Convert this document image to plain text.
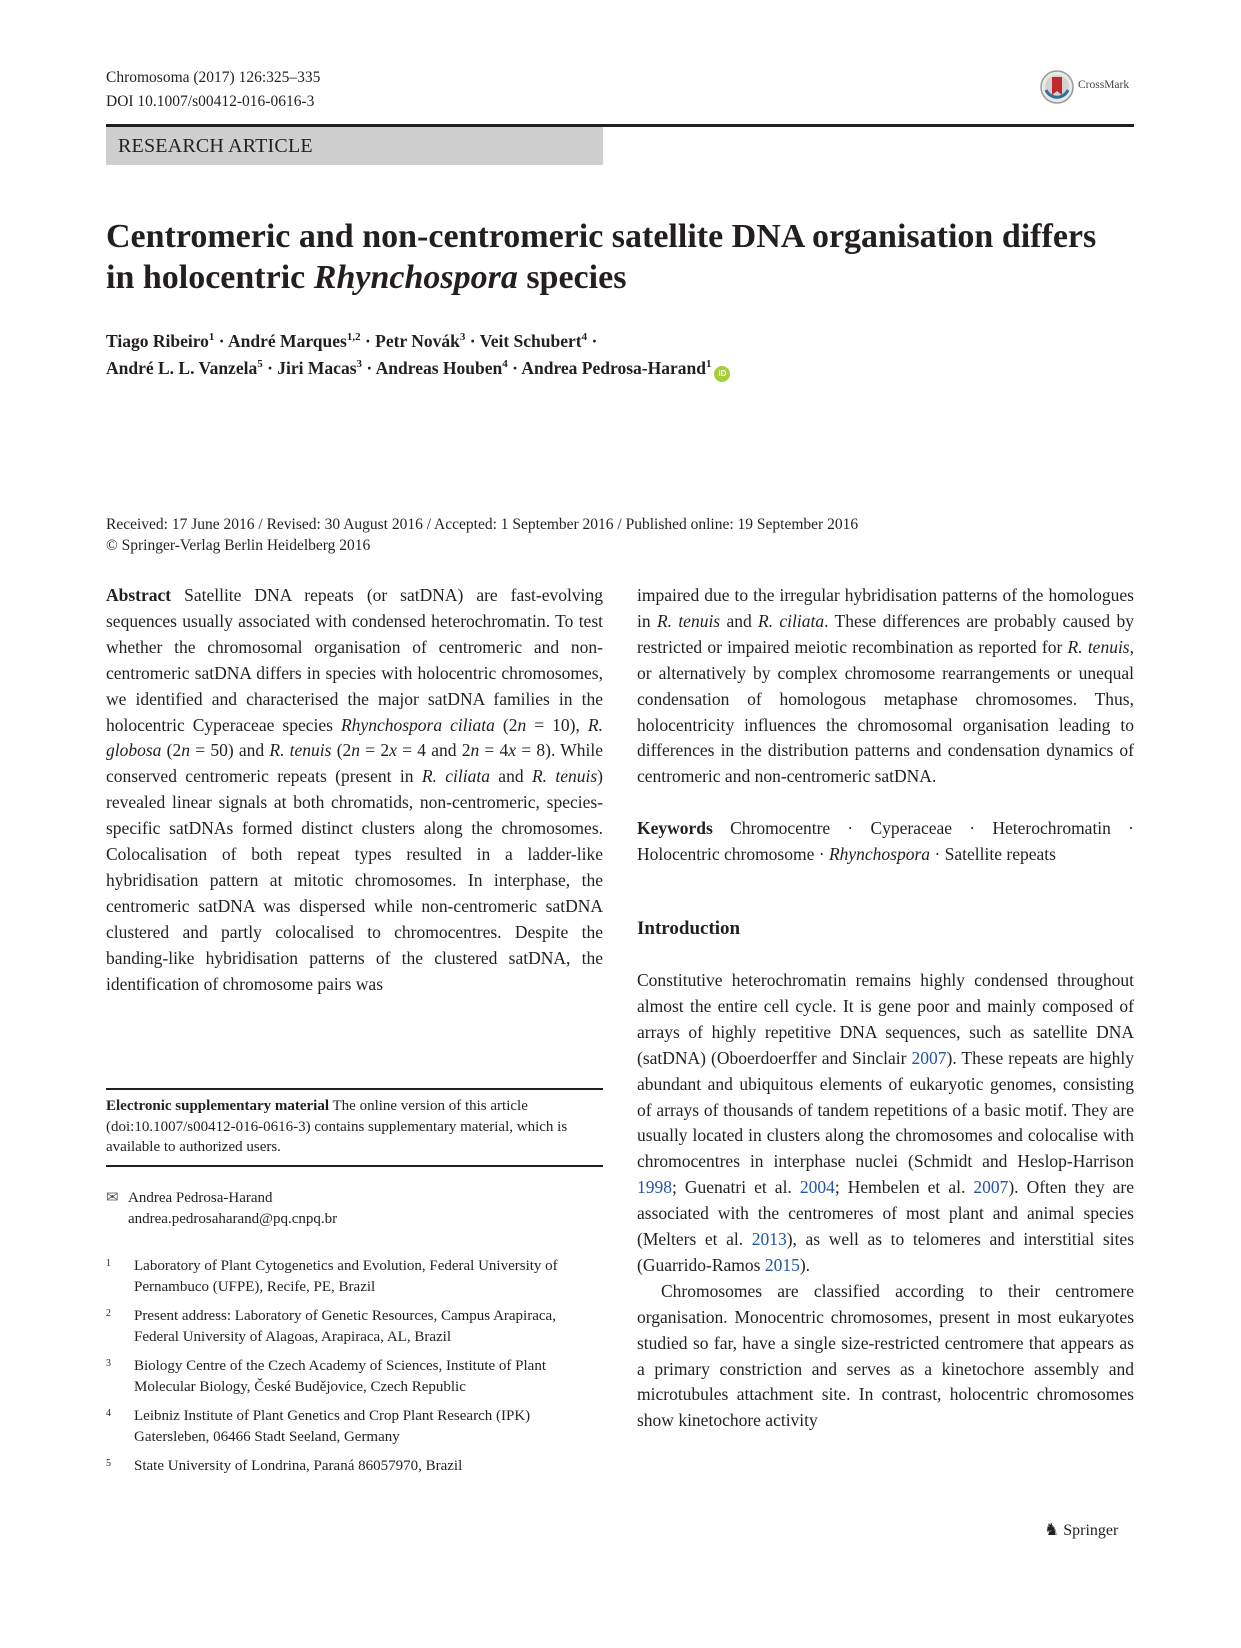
Chromosoma (2017) 126:325–335
DOI 10.1007/s00412-016-0616-3
CrossMark
RESEARCH ARTICLE
Centromeric and non-centromeric satellite DNA organisation differs in holocentric Rhynchospora species
Tiago Ribeiro$^1$ · André Marques$^{1,2}$ · Petr Novák$^3$ · Veit Schubert$^4$ ·
André L. L. Vanzela$^5$ · Jiri Macas$^3$ · Andreas Houben$^4$ · Andrea Pedrosa-Harand$^1$iD
Received: 17 June 2016 / Revised: 30 August 2016 / Accepted: 1 September 2016 / Published online: 19 September 2016
© Springer-Verlag Berlin Heidelberg 2016

Abstract Satellite DNA repeats (or satDNA) are fast-evolving sequences usually associated with condensed heterochromatin. To test whether the chromosomal organisation of centromeric and non-centromeric satDNA differs in species with holocentric chromosomes, we identified and characterised the major satDNA families in the holocentric Cyperaceae species Rhynchospora ciliata (2n = 10), R. globosa (2n = 50) and R. tenuis (2n = 2x = 4 and 2n = 4x = 8). While conserved centromeric repeats (present in R. ciliata and R. tenuis) revealed linear signals at both chromatids, non-centromeric, species-specific satDNAs formed distinct clusters along the chromosomes. Colocalisation of both repeat types resulted in a ladder-like hybridisation pattern at mitotic chromosomes. In interphase, the centromeric satDNA was dispersed while non-centromeric satDNA clustered and partly colocalised to chromocentres. Despite the banding-like hybridisation patterns of the clustered satDNA, the identification of chromosome pairs was

Electronic supplementary material The online version of this article (doi:10.1007/s00412-016-0616-3) contains supplementary material, which is available to authorized users.
✉ Andrea Pedrosa-Harand
andrea.pedrosaharand@pq.cnpq.br
1 Laboratory of Plant Cytogenetics and Evolution, Federal University of Pernambuco (UFPE), Recife, PE, Brazil
2 Present address: Laboratory of Genetic Resources, Campus Arapiraca, Federal University of Alagoas, Arapiraca, AL, Brazil
3 Biology Centre of the Czech Academy of Sciences, Institute of Plant Molecular Biology, České Budějovice, Czech Republic
4 Leibniz Institute of Plant Genetics and Crop Plant Research (IPK) Gatersleben, 06466 Stadt Seeland, Germany
5 State University of Londrina, Paraná 86057970, Brazil

impaired due to the irregular hybridisation patterns of the homologues in R. tenuis and R. ciliata. These differences are probably caused by restricted or impaired meiotic recombination as reported for R. tenuis, or alternatively by complex chromosome rearrangements or unequal condensation of homologous metaphase chromosomes. Thus, holocentricity influences the chromosomal organisation leading to differences in the distribution patterns and condensation dynamics of centromeric and non-centromeric satDNA.

Keywords Chromocentre · Cyperaceae · Heterochromatin · Holocentric chromosome · Rhynchospora · Satellite repeats

Introduction

Constitutive heterochromatin remains highly condensed throughout almost the entire cell cycle. It is gene poor and mainly composed of arrays of highly repetitive DNA sequences, such as satellite DNA (satDNA) (Oboerdoerffer and Sinclair 2007). These repeats are highly abundant and ubiquitous elements of eukaryotic genomes, consisting of arrays of thousands of tandem repetitions of a basic motif. They are usually located in clusters along the chromosomes and colocalise with chromocentres in interphase nuclei (Schmidt and Heslop-Harrison 1998; Guenatri et al. 2004; Hembelen et al. 2007). Often they are associated with the centromeres of most plant and animal species (Melters et al. 2013), as well as to telomeres and interstitial sites (Guarrido-Ramos 2015).

Chromosomes are classified according to their centromere organisation. Monocentric chromosomes, present in most eukaryotes studied so far, have a single size-restricted centromere that appears as a primary constriction and serves as a kinetochore assembly and microtubules attachment site. In contrast, holocentric chromosomes show kinetochore activity

♞ Springer
